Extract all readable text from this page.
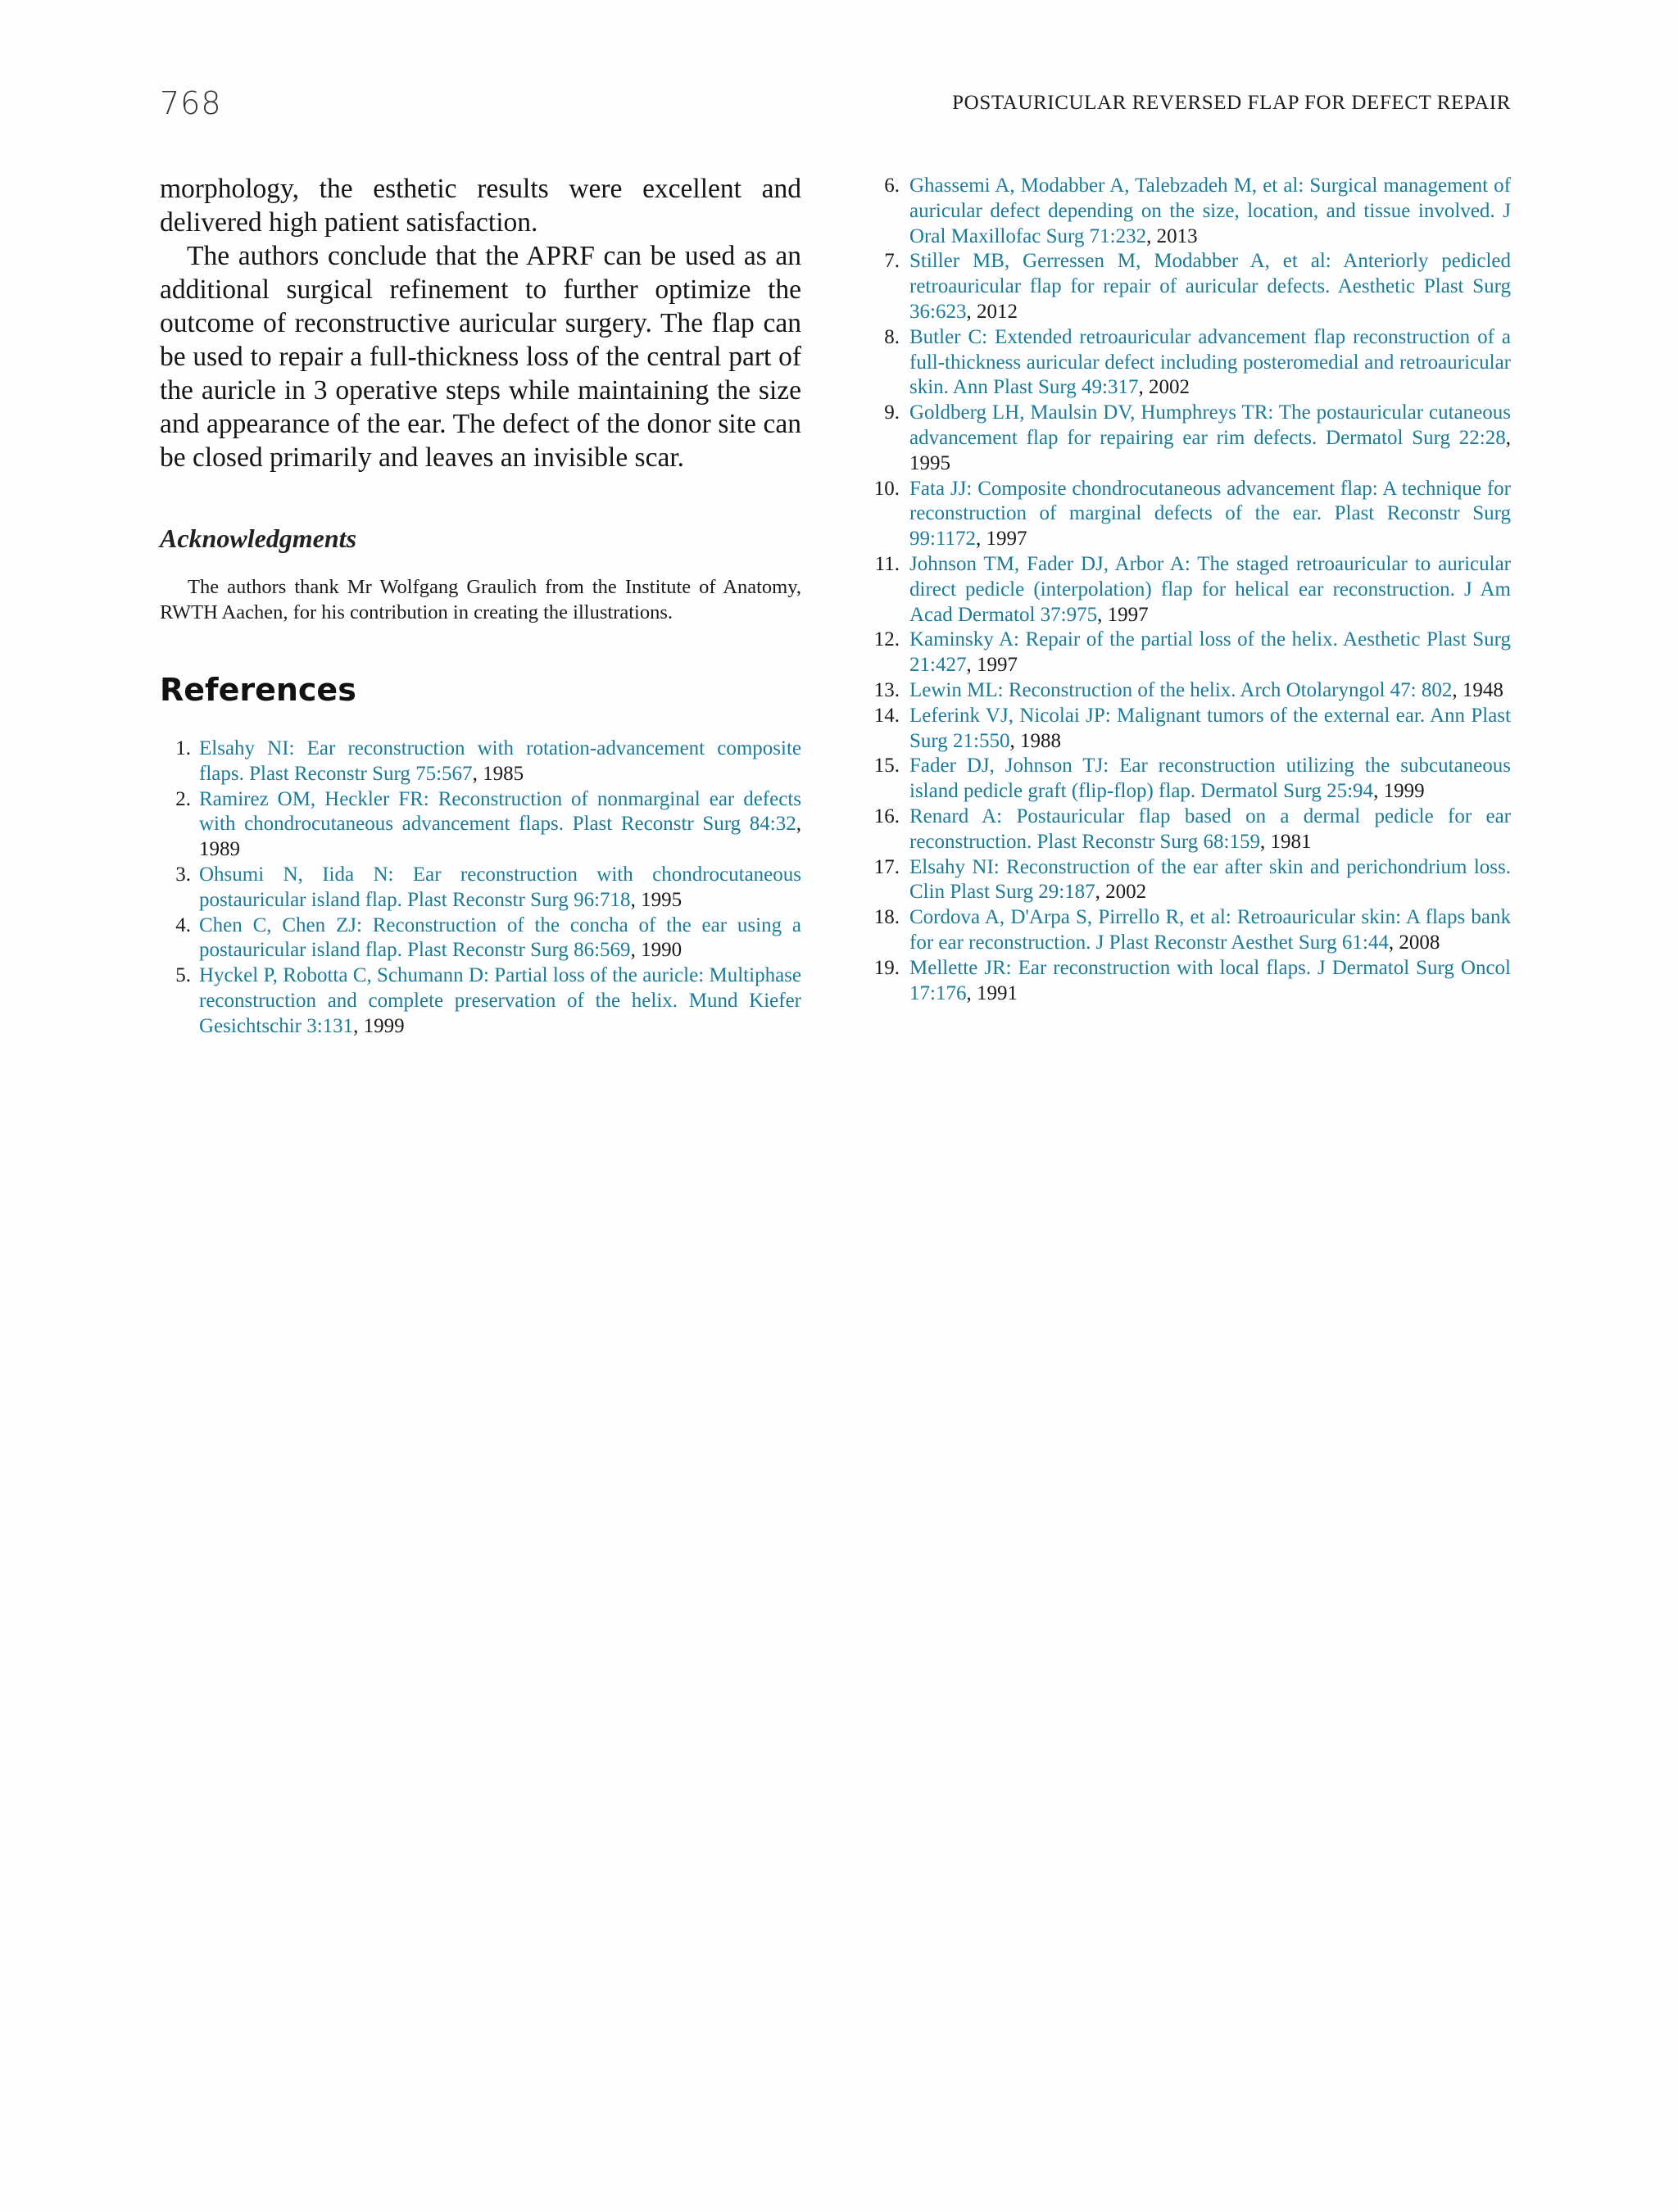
768	POSTAURICULAR REVERSED FLAP FOR DEFECT REPAIR

morphology, the esthetic results were excellent and delivered high patient satisfaction.

The authors conclude that the APRF can be used as an additional surgical refinement to further optimize the outcome of reconstructive auricular surgery. The flap can be used to repair a full-thickness loss of the central part of the auricle in 3 operative steps while maintaining the size and appearance of the ear. The defect of the donor site can be closed primarily and leaves an invisible scar.

Acknowledgments

The authors thank Mr Wolfgang Graulich from the Institute of Anatomy, RWTH Aachen, for his contribution in creating the illustrations.

References
1. Elsahy NI: Ear reconstruction with rotation-advancement composite flaps. Plast Reconstr Surg 75:567, 1985
2. Ramirez OM, Heckler FR: Reconstruction of nonmarginal ear defects with chondrocutaneous advancement flaps. Plast Reconstr Surg 84:32, 1989
3. Ohsumi N, Iida N: Ear reconstruction with chondrocutaneous postauricular island flap. Plast Reconstr Surg 96:718, 1995
4. Chen C, Chen ZJ: Reconstruction of the concha of the ear using a postauricular island flap. Plast Reconstr Surg 86:569, 1990
5. Hyckel P, Robotta C, Schumann D: Partial loss of the auricle: Multiphase reconstruction and complete preservation of the helix. Mund Kiefer Gesichtschir 3:131, 1999
6. Ghassemi A, Modabber A, Talebzadeh M, et al: Surgical management of auricular defect depending on the size, location, and tissue involved. J Oral Maxillofac Surg 71:232, 2013
7. Stiller MB, Gerressen M, Modabber A, et al: Anteriorly pedicled retroauricular flap for repair of auricular defects. Aesthetic Plast Surg 36:623, 2012
8. Butler C: Extended retroauricular advancement flap reconstruction of a full-thickness auricular defect including posteromedial and retroauricular skin. Ann Plast Surg 49:317, 2002
9. Goldberg LH, Maulsin DV, Humphreys TR: The postauricular cutaneous advancement flap for repairing ear rim defects. Dermatol Surg 22:28, 1995
10. Fata JJ: Composite chondrocutaneous advancement flap: A technique for reconstruction of marginal defects of the ear. Plast Reconstr Surg 99:1172, 1997
11. Johnson TM, Fader DJ, Arbor A: The staged retroauricular to auricular direct pedicle (interpolation) flap for helical ear reconstruction. J Am Acad Dermatol 37:975, 1997
12. Kaminsky A: Repair of the partial loss of the helix. Aesthetic Plast Surg 21:427, 1997
13. Lewin ML: Reconstruction of the helix. Arch Otolaryngol 47: 802, 1948
14. Leferink VJ, Nicolai JP: Malignant tumors of the external ear. Ann Plast Surg 21:550, 1988
15. Fader DJ, Johnson TJ: Ear reconstruction utilizing the subcutaneous island pedicle graft (flip-flop) flap. Dermatol Surg 25:94, 1999
16. Renard A: Postauricular flap based on a dermal pedicle for ear reconstruction. Plast Reconstr Surg 68:159, 1981
17. Elsahy NI: Reconstruction of the ear after skin and perichondrium loss. Clin Plast Surg 29:187, 2002
18. Cordova A, D'Arpa S, Pirrello R, et al: Retroauricular skin: A flaps bank for ear reconstruction. J Plast Reconstr Aesthet Surg 61:44, 2008
19. Mellette JR: Ear reconstruction with local flaps. J Dermatol Surg Oncol 17:176, 1991
